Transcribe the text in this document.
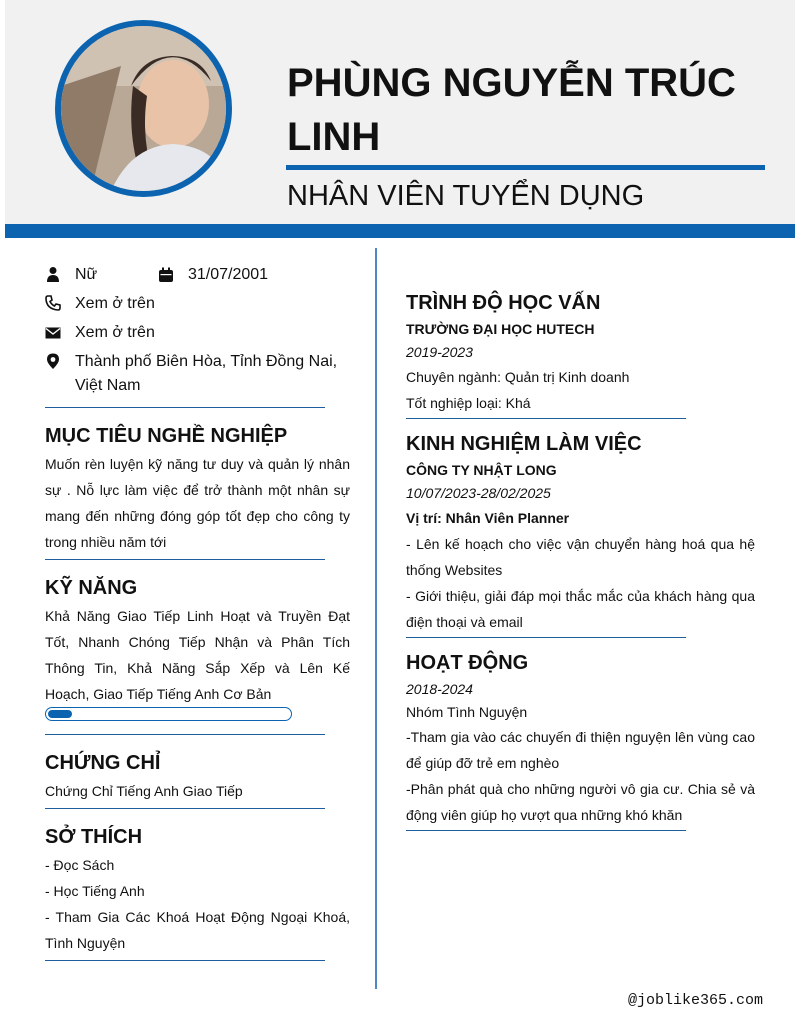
PHÙNG NGUYỄN TRÚC LINH
NHÂN VIÊN TUYỂN DỤNG
Nữ	31/07/2001
Xem ở trên
Xem ở trên
Thành phố Biên Hòa, Tỉnh Đồng Nai, Việt Nam
MỤC TIÊU NGHỀ NGHIỆP
Muốn rèn luyện kỹ năng tư duy và quản lý nhân sự . Nỗ lực làm việc để trở thành một nhân sự mang đến những đóng góp tốt đẹp cho công ty trong nhiều năm tới
KỸ NĂNG
Khả Năng Giao Tiếp Linh Hoạt và Truyền Đạt Tốt, Nhanh Chóng Tiếp Nhận và Phân Tích Thông Tin, Khả Năng Sắp Xếp và Lên Kế Hoạch, Giao Tiếp Tiếng Anh Cơ Bản
CHỨNG CHỈ
Chứng Chỉ Tiếng Anh Giao Tiếp
SỞ THÍCH
- Đọc Sách
- Học Tiếng Anh
- Tham Gia Các Khoá Hoạt Động Ngoại Khoá, Tình Nguyện
TRÌNH ĐỘ HỌC VẤN
TRƯỜNG ĐẠI HỌC HUTECH
2019-2023
Chuyên ngành: Quản trị Kinh doanh
Tốt nghiệp loại: Khá
KINH NGHIỆM LÀM VIỆC
CÔNG TY NHẬT LONG
10/07/2023-28/02/2025
Vị trí: Nhân Viên Planner
- Lên kế hoạch cho việc vận chuyển hàng hoá qua hệ thống Websites
- Giới thiệu, giải đáp mọi thắc mắc của khách hàng qua điện thoại và email
HOẠT ĐỘNG
2018-2024
Nhóm Tình Nguyện
-Tham gia vào các chuyến đi thiện nguyện lên vùng cao để giúp đỡ trẻ em nghèo
-Phân phát quà cho những người vô gia cư. Chia sẻ và động viên giúp họ vượt qua những khó khăn
@joblike365.com
